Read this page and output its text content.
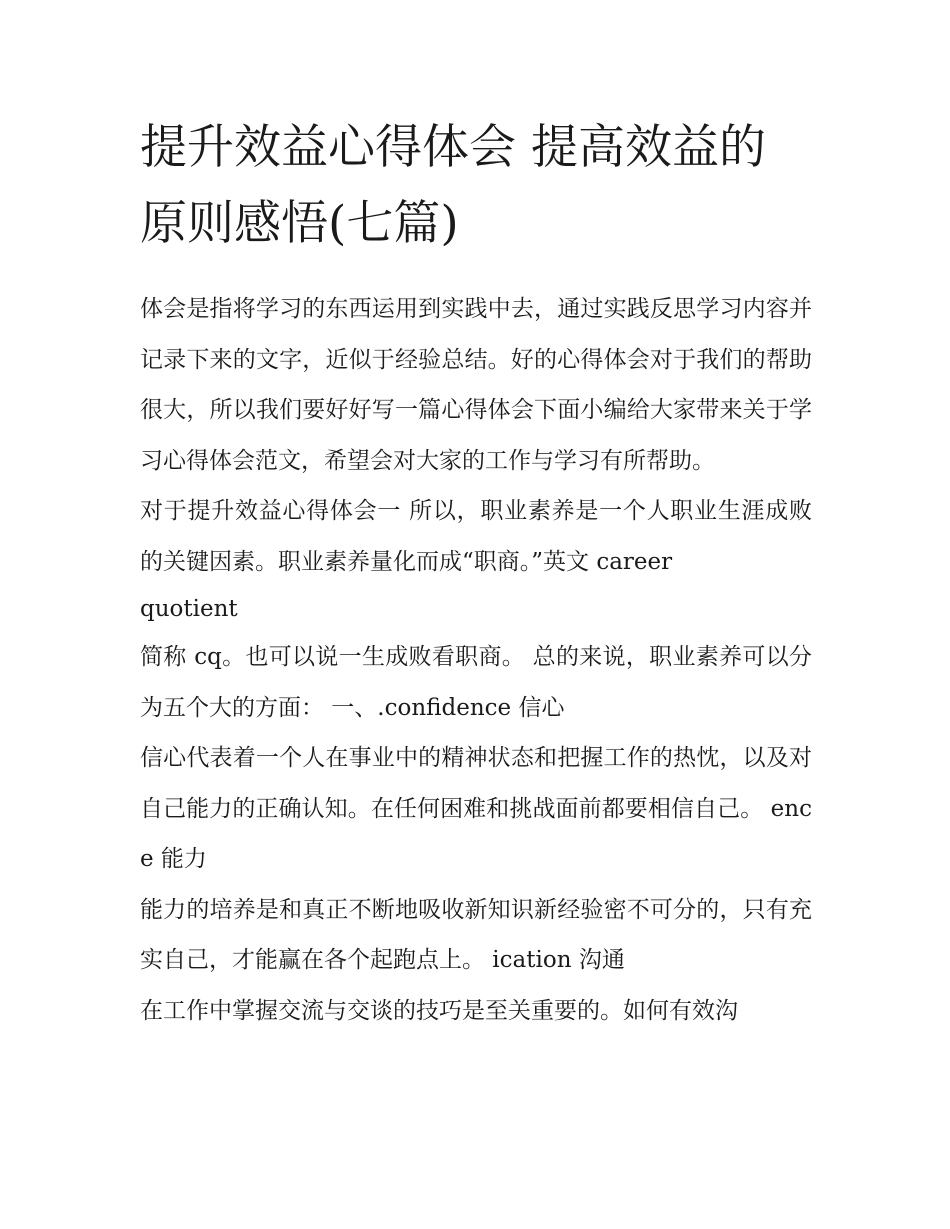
提升效益心得体会 提高效益的原则感悟(七篇)

体会是指将学习的东西运用到实践中去，通过实践反思学习内容并记录下来的文字，近似于经验总结。好的心得体会对于我们的帮助很大，所以我们要好好写一篇心得体会下面小编给大家带来关于学习心得体会范文，希望会对大家的工作与学习有所帮助。

对于提升效益心得体会一 所以，职业素养是一个人职业生涯成败的关键因素。职业素养量化而成“职商。”英文 career

quotient

简称 cq。也可以说一生成败看职商。 总的来说，职业素养可以分为五个大的方面： 一、.confidence 信心

信心代表着一个人在事业中的精神状态和把握工作的热忱，以及对自己能力的正确认知。在任何困难和挑战面前都要相信自己。 ence 能力

能力的培养是和真正不断地吸收新知识新经验密不可分的，只有充实自己，才能赢在各个起跑点上。 ication 沟通

在工作中掌握交流与交谈的技巧是至关重要的。如何有效沟
